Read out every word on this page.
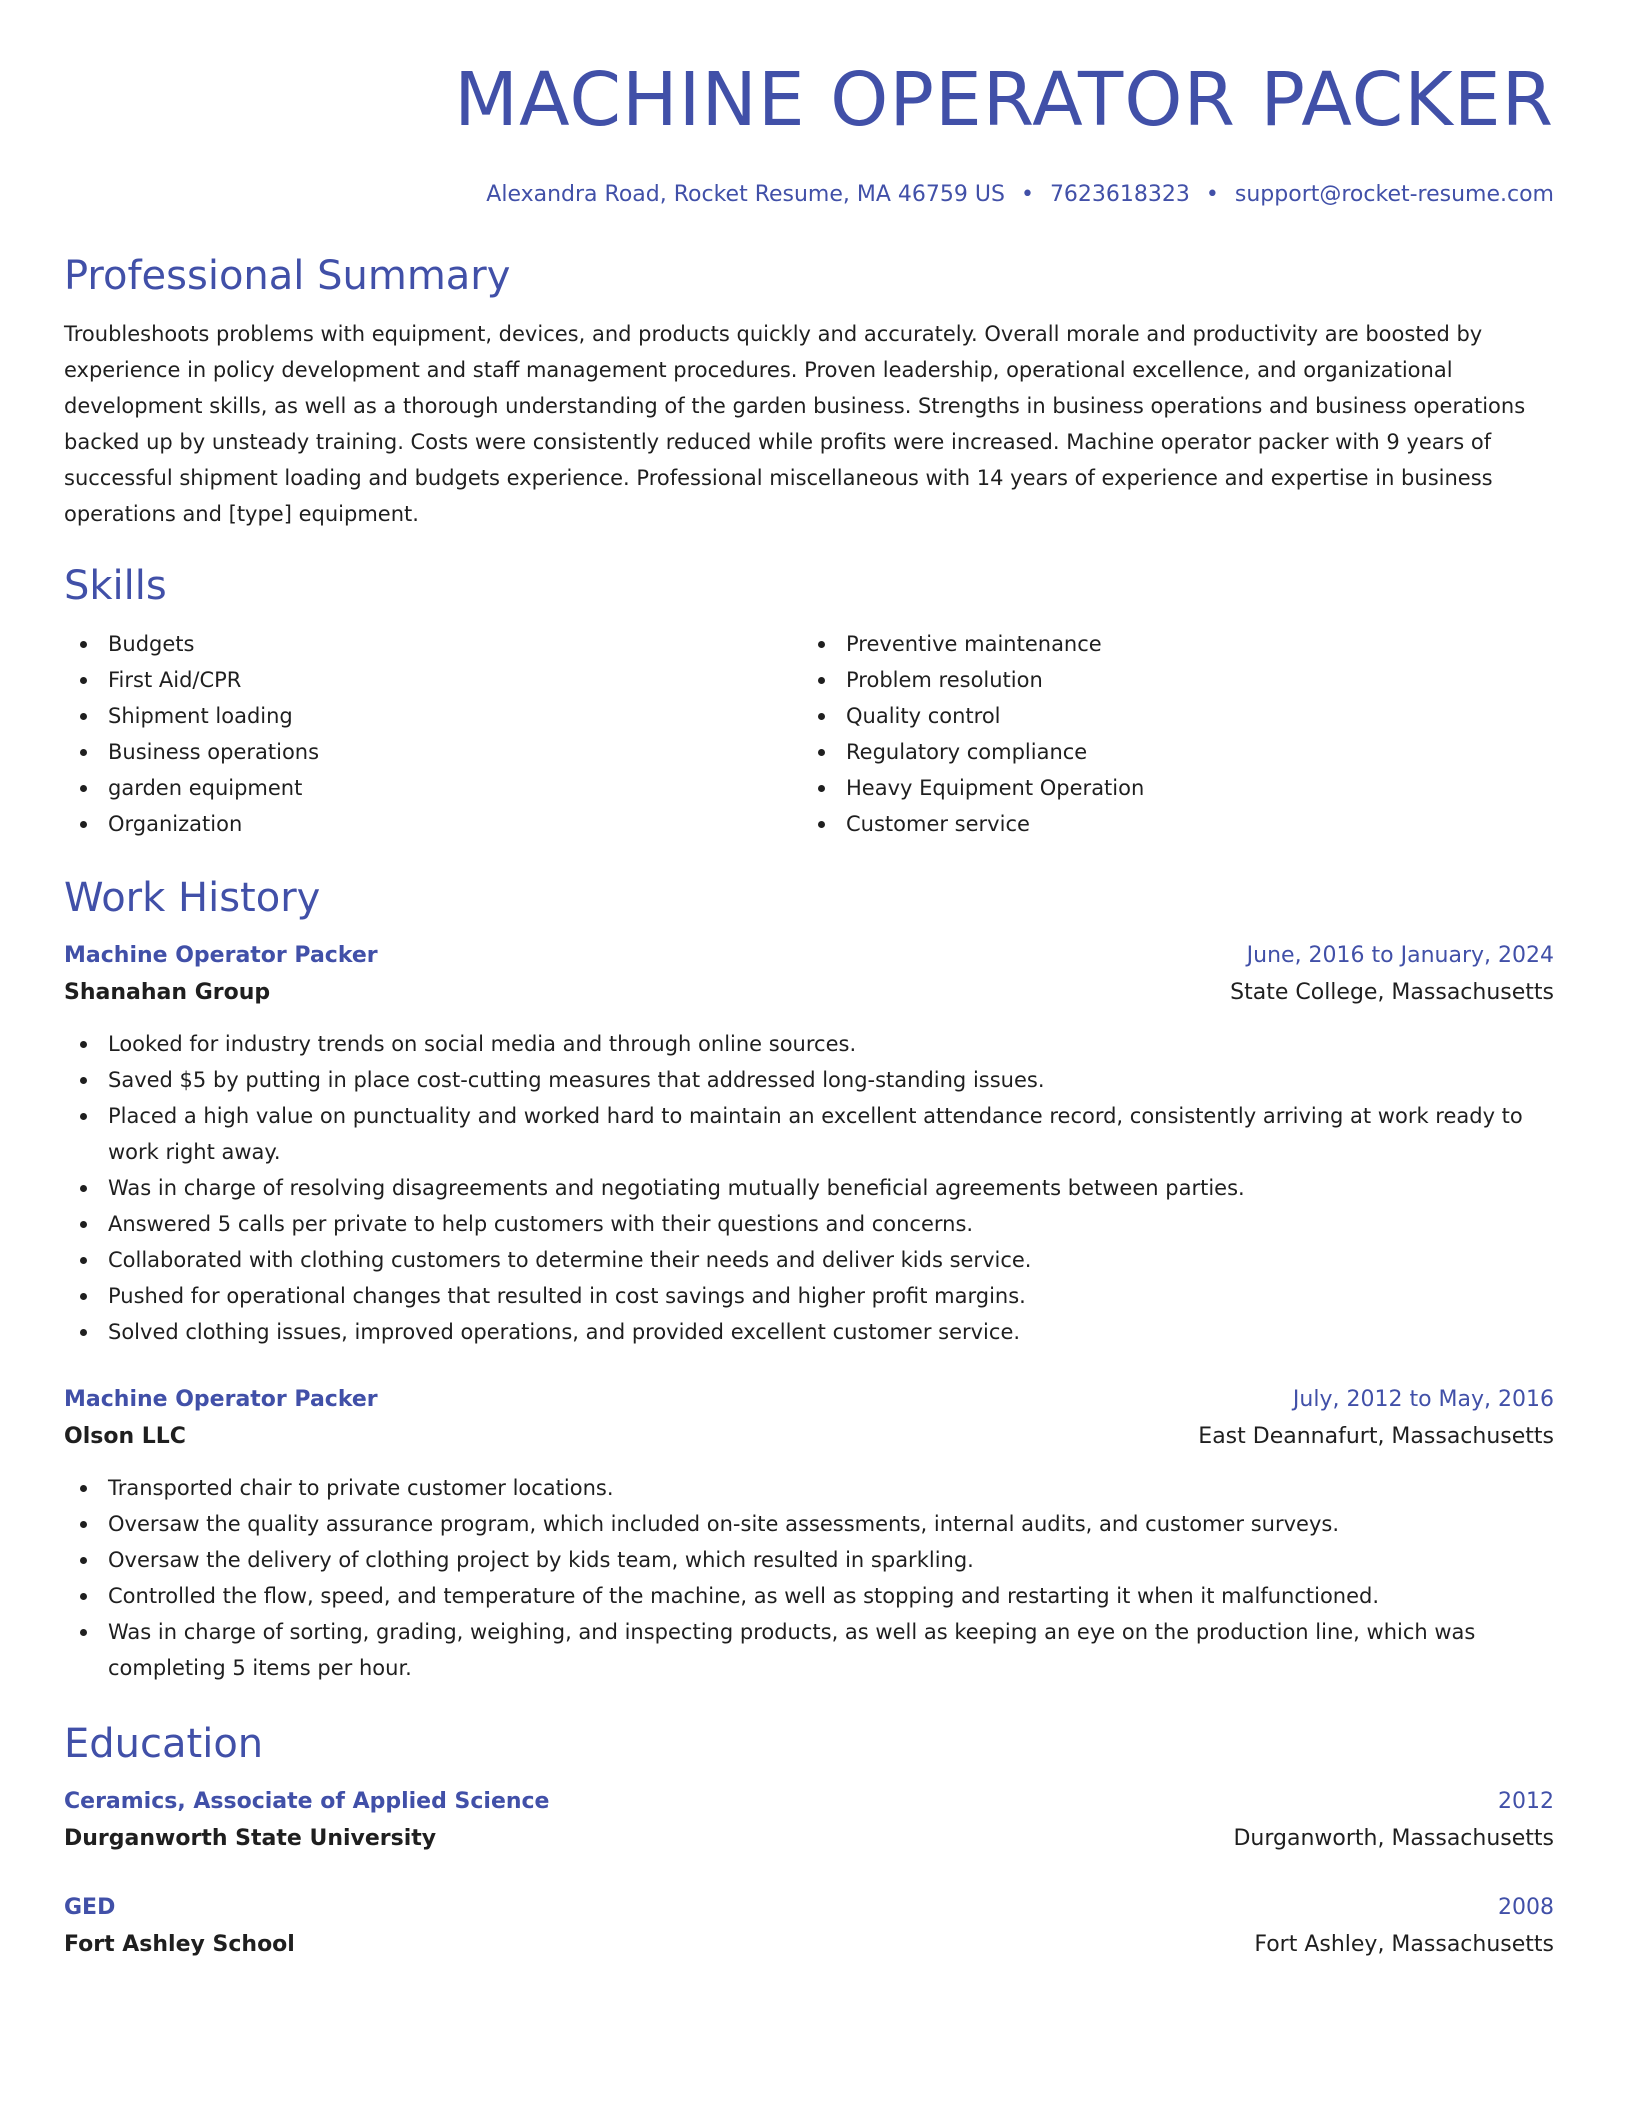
MACHINE OPERATOR PACKER
Alexandra Road, Rocket Resume, MA 46759 US • 7623618323 • support@rocket-resume.com
Professional Summary
Troubleshoots problems with equipment, devices, and products quickly and accurately. Overall morale and productivity are boosted by experience in policy development and staff management procedures. Proven leadership, operational excellence, and organizational development skills, as well as a thorough understanding of the garden business. Strengths in business operations and business operations backed up by unsteady training. Costs were consistently reduced while profits were increased. Machine operator packer with 9 years of successful shipment loading and budgets experience. Professional miscellaneous with 14 years of experience and expertise in business operations and [type] equipment.
Skills
Budgets
First Aid/CPR
Shipment loading
Business operations
garden equipment
Organization
Preventive maintenance
Problem resolution
Quality control
Regulatory compliance
Heavy Equipment Operation
Customer service
Work History
Machine Operator Packer	June, 2016 to January, 2024
Shanahan Group	State College, Massachusetts
Looked for industry trends on social media and through online sources.
Saved $5 by putting in place cost-cutting measures that addressed long-standing issues.
Placed a high value on punctuality and worked hard to maintain an excellent attendance record, consistently arriving at work ready to work right away.
Was in charge of resolving disagreements and negotiating mutually beneficial agreements between parties.
Answered 5 calls per private to help customers with their questions and concerns.
Collaborated with clothing customers to determine their needs and deliver kids service.
Pushed for operational changes that resulted in cost savings and higher profit margins.
Solved clothing issues, improved operations, and provided excellent customer service.
Machine Operator Packer	July, 2012 to May, 2016
Olson LLC	East Deannafurt, Massachusetts
Transported chair to private customer locations.
Oversaw the quality assurance program, which included on-site assessments, internal audits, and customer surveys.
Oversaw the delivery of clothing project by kids team, which resulted in sparkling.
Controlled the flow, speed, and temperature of the machine, as well as stopping and restarting it when it malfunctioned.
Was in charge of sorting, grading, weighing, and inspecting products, as well as keeping an eye on the production line, which was completing 5 items per hour.
Education
Ceramics, Associate of Applied Science	2012
Durganworth State University	Durganworth, Massachusetts
GED	2008
Fort Ashley School	Fort Ashley, Massachusetts
